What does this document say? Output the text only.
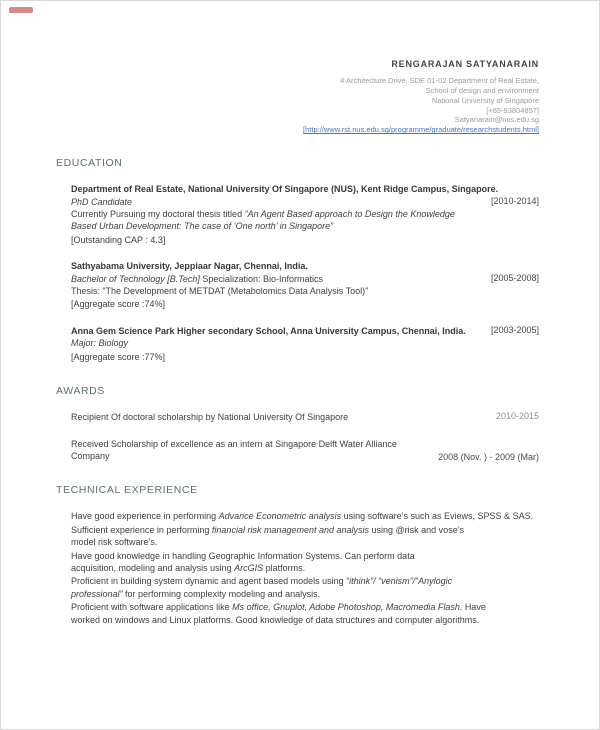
RENGARAJAN SATYANARAIN
4 Architecture Drive, SDE 01-02 Department of Real Estate,
School of design and environment
National University of Singapore
[+65-93804857]
Satyanarain@nus.edu.sg
[http://www.rst.nus.edu.sg/programme/graduate/researchstudents.html]
EDUCATION
Department of Real Estate, National University Of Singapore (NUS), Kent Ridge Campus, Singapore.
PhD Candidate	[2010-2014]

Currently Pursuing my doctoral thesis titled “An Agent Based approach to Design the Knowledge Based Urban Development: The case of ‘One north’ in Singapore”

[Outstanding CAP : 4.3]

Sathyabama University, Jeppiaar Nagar, Chennai, India.
Bachelor of Technology [B.Tech] Specialization: Bio-Informatics	[2005-2008]

Thesis: “The Development of METDAT (Metabolomics Data Analysis Tool)”

[Aggregate score :74%]

Anna Gem Science Park Higher secondary School, Anna University Campus, Chennai, India.	[2003-2005]

Major: Biology

[Aggregate score :77%]

AWARDS
Recipient Of doctoral scholarship by National University Of Singapore	2010-2015
Received Scholarship of excellence as an intern at Singapore Delft Water Alliance Company	2008 (Nov. ) - 2009 (Mar)
TECHNICAL EXPERIENCE

Have good experience in performing Advance Econometric analysis using software’s such as Eviews, SPSS & SAS.

Sufficient experience in performing financial risk management and analysis using @risk and vose’s model risk software’s.

Have good knowledge in handling Geographic Information Systems. Can perform data acquisition, modeling and analysis using ArcGIS platforms.

Proficient in building system dynamic and agent based models using “ithink”/ “venism”/“Anylogic professional” for performing complexity modeling and analysis.

Proficient with software applications like Ms office, Gnuplot, Adobe Photoshop, Macromedia Flash. Have worked on windows and Linux platforms. Good knowledge of data structures and computer algorithms.
